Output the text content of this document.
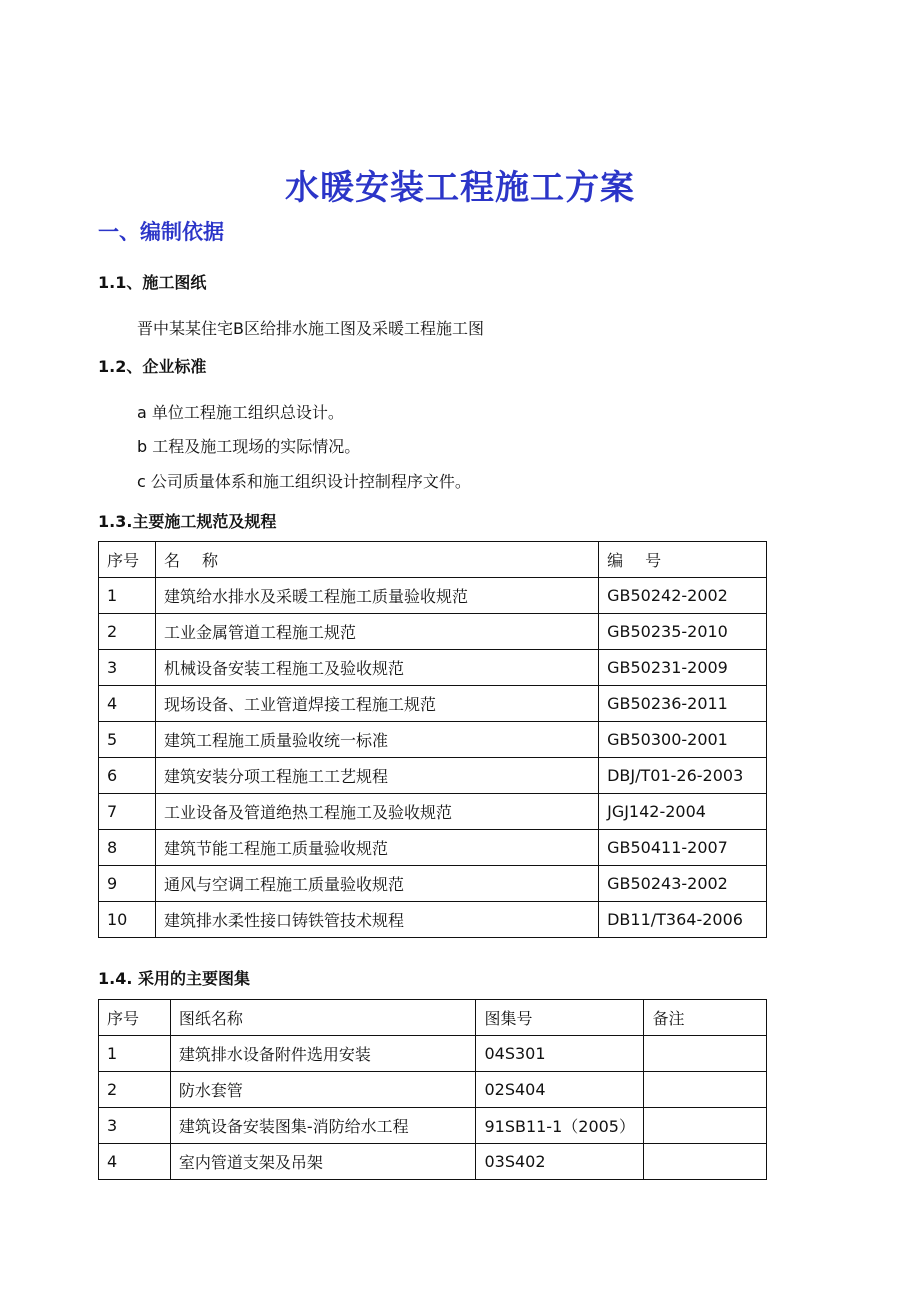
水暖安装工程施工方案
一、编制依据
1.1、施工图纸
晋中某某住宅B区给排水施工图及采暖工程施工图
1.2、企业标准
a 单位工程施工组织总设计。
b 工程及施工现场的实际情况。
c 公司质量体系和施工组织设计控制程序文件。
1.3.主要施工规范及规程
序号	名称	编号
1	建筑给水排水及采暖工程施工质量验收规范	GB50242-2002
2	工业金属管道工程施工规范	GB50235-2010
3	机械设备安装工程施工及验收规范	GB50231-2009
4	现场设备、工业管道焊接工程施工规范	GB50236-2011
5	建筑工程施工质量验收统一标准	GB50300-2001
6	建筑安装分项工程施工工艺规程	DBJ/T01-26-2003
7	工业设备及管道绝热工程施工及验收规范	JGJ142-2004
8	建筑节能工程施工质量验收规范	GB50411-2007
9	通风与空调工程施工质量验收规范	GB50243-2002
10	建筑排水柔性接口铸铁管技术规程	DB11/T364-2006
1.4. 采用的主要图集
序号	图纸名称	图集号	备注
1	建筑排水设备附件选用安装	04S301	
2	防水套管	02S404	
3	建筑设备安装图集-消防给水工程	91SB11-1（2005）	
4	室内管道支架及吊架	03S402	
